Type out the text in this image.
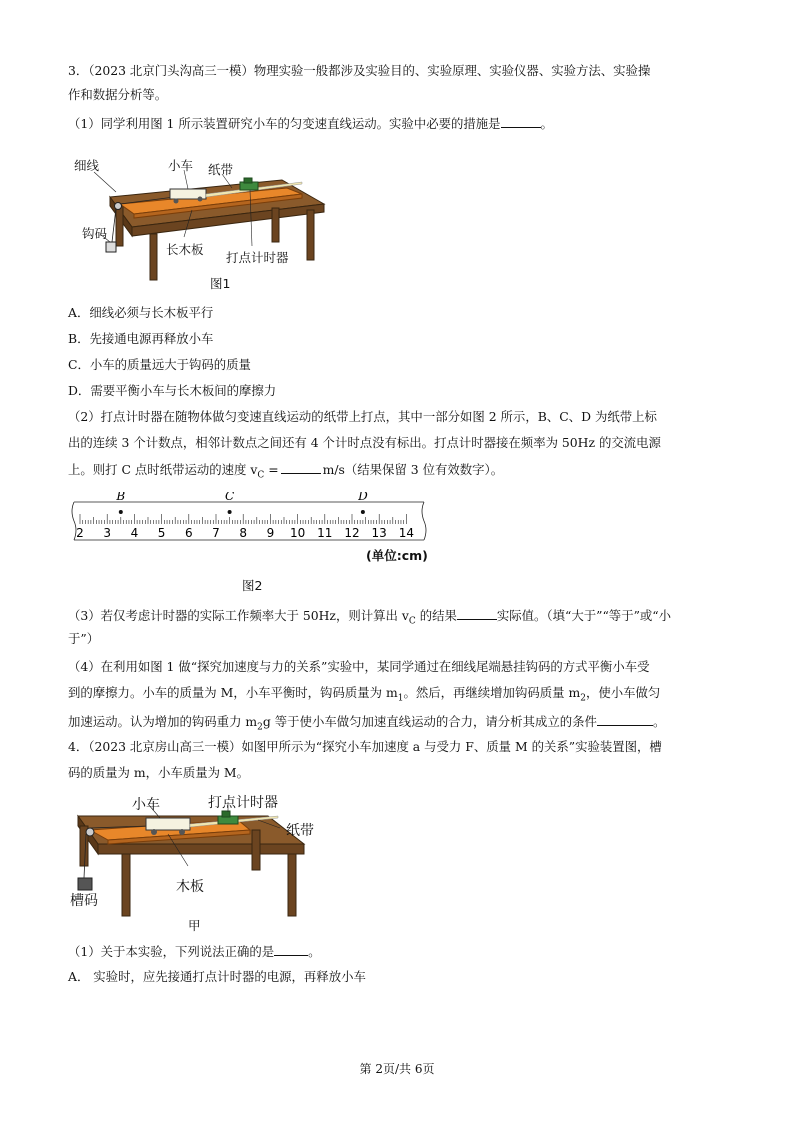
3．（2023 北京门头沟高三一模）物理实验一般都涉及实验目的、实验原理、实验仪器、实验方法、实验操
作和数据分析等。
（1）同学利用图 1 所示装置研究小车的匀变速直线运动。实验中必要的措施是	。
细线	小车 纸带
钩码
长木板
打点计时器
图1
A．细线必须与长木板平行
B．先接通电源再释放小车
C．小车的质量远大于钩码的质量
D．需要平衡小车与长木板间的摩擦力
（2）打点计时器在随物体做匀变速直线运动的纸带上打点，其中一部分如图 2 所示，B、C、D 为纸带上标
出的连续 3 个计数点，相邻计数点之间还有 4 个计时点没有标出。打点计时器接在频率为 50Hz 的交流电源
上。则打 C 点时纸带运动的速度 $v_C$ =	m/s（结果保留 3 位有效数字）。
2 3 4 5 6 7 8 9 10 11 12 13 14
B	C	D
(单位:cm)
图2
（3）若仅考虑计时器的实际工作频率大于 50Hz，则计算出 $v_C$ 的结果	实际值。（填“大于”“等于”或“小
于”）
（4）在利用如图 1 做“探究加速度与力的关系”实验中，某同学通过在细线尾端悬挂钩码的方式平衡小车受
到的摩擦力。小车的质量为 M，小车平衡时，钩码质量为 $m_1$。然后，再继续增加钩码质量 $m_2$，使小车做匀
加速运动。认为增加的钩码重力 $m_2g$ 等于使小车做匀加速直线运动的合力，请分析其成立的条件	。
4．（2023 北京房山高三一模）如图甲所示为“探究小车加速度 a 与受力 F、质量 M 的关系”实验装置图，槽
码的质量为 m，小车质量为 M。
小车	打点计时器
纸带
木板
槽码
甲
（1）关于本实验，下列说法正确的是	。
A． 实验时，应先接通打点计时器的电源，再释放小车
第 2页/共 6页
